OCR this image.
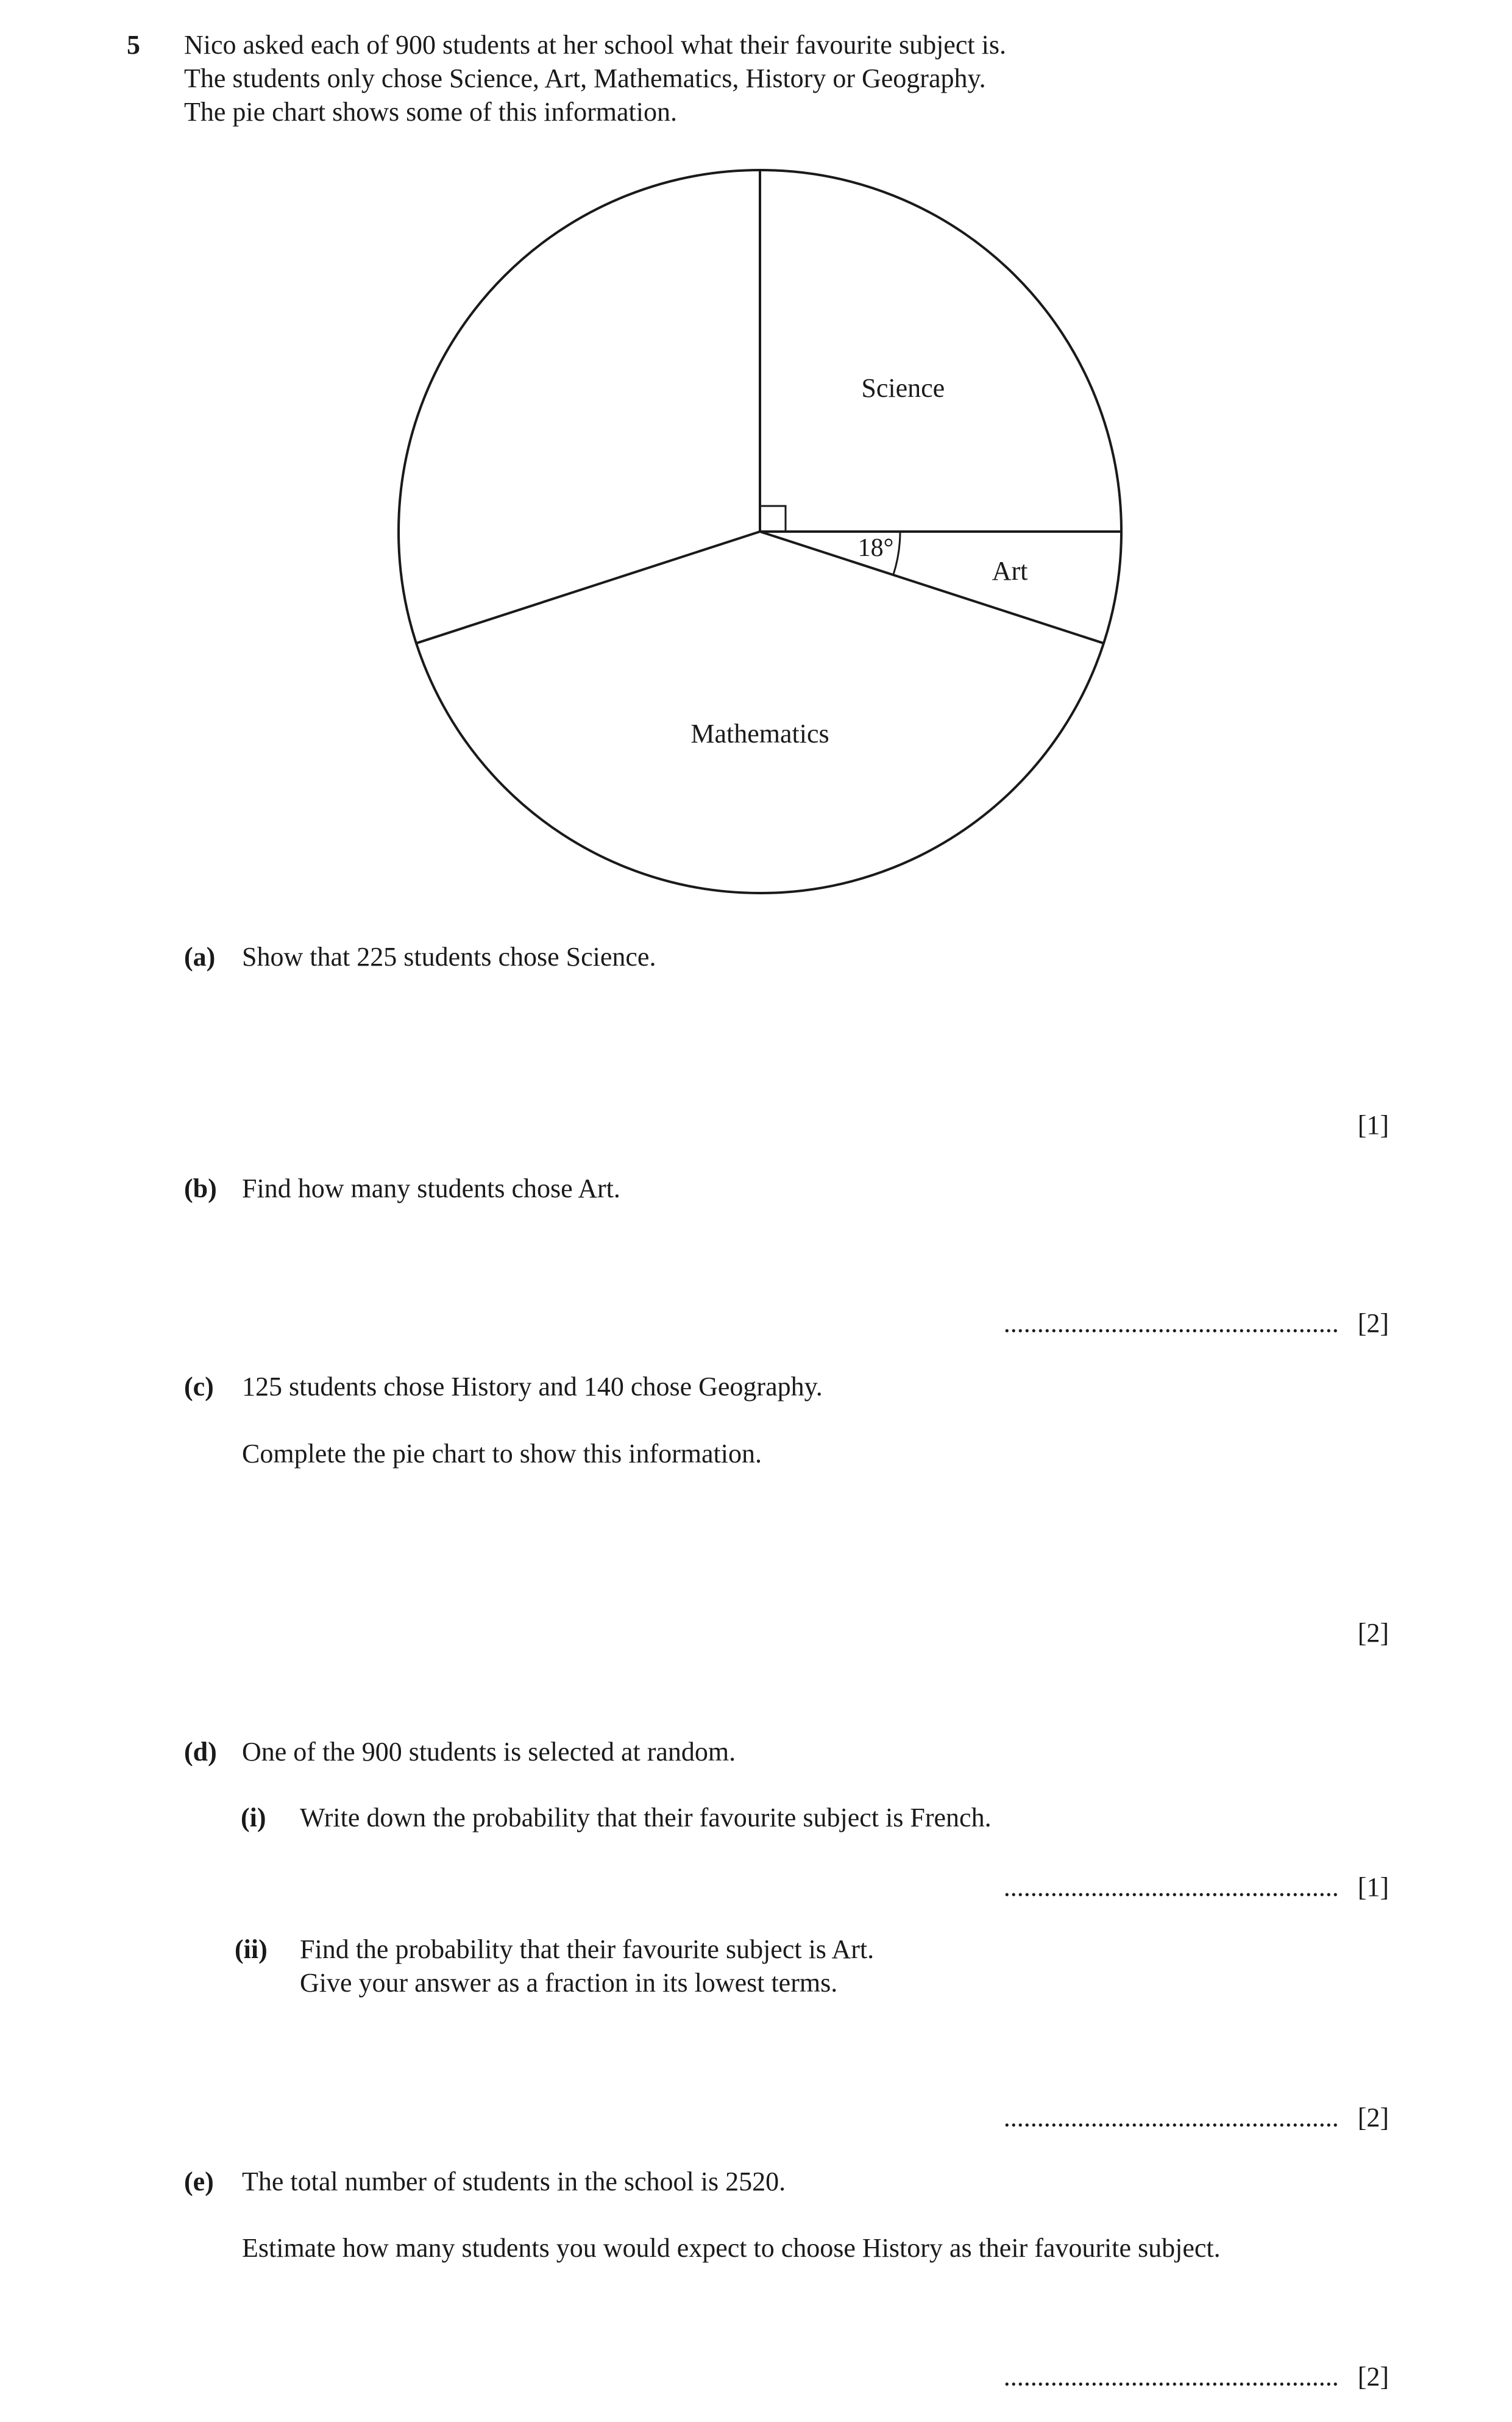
5 Nico asked each of 900 students at her school what their favourite subject is.
The students only chose Science, Art, Mathematics, History or Geography.
The pie chart shows some of this information.
Science
Art
Mathematics
18°
(a) Show that 225 students chose Science.
[1]
(b) Find how many students chose Art.
.................................................. [2]
(c) 125 students chose History and 140 chose Geography.
Complete the pie chart to show this information.
[2]
(d) One of the 900 students is selected at random.
(i) Write down the probability that their favourite subject is French.
.................................................. [1]
(ii) Find the probability that their favourite subject is Art.
Give your answer as a fraction in its lowest terms.
.................................................. [2]
(e) The total number of students in the school is 2520.
Estimate how many students you would expect to choose History as their favourite subject.
.................................................. [2]
